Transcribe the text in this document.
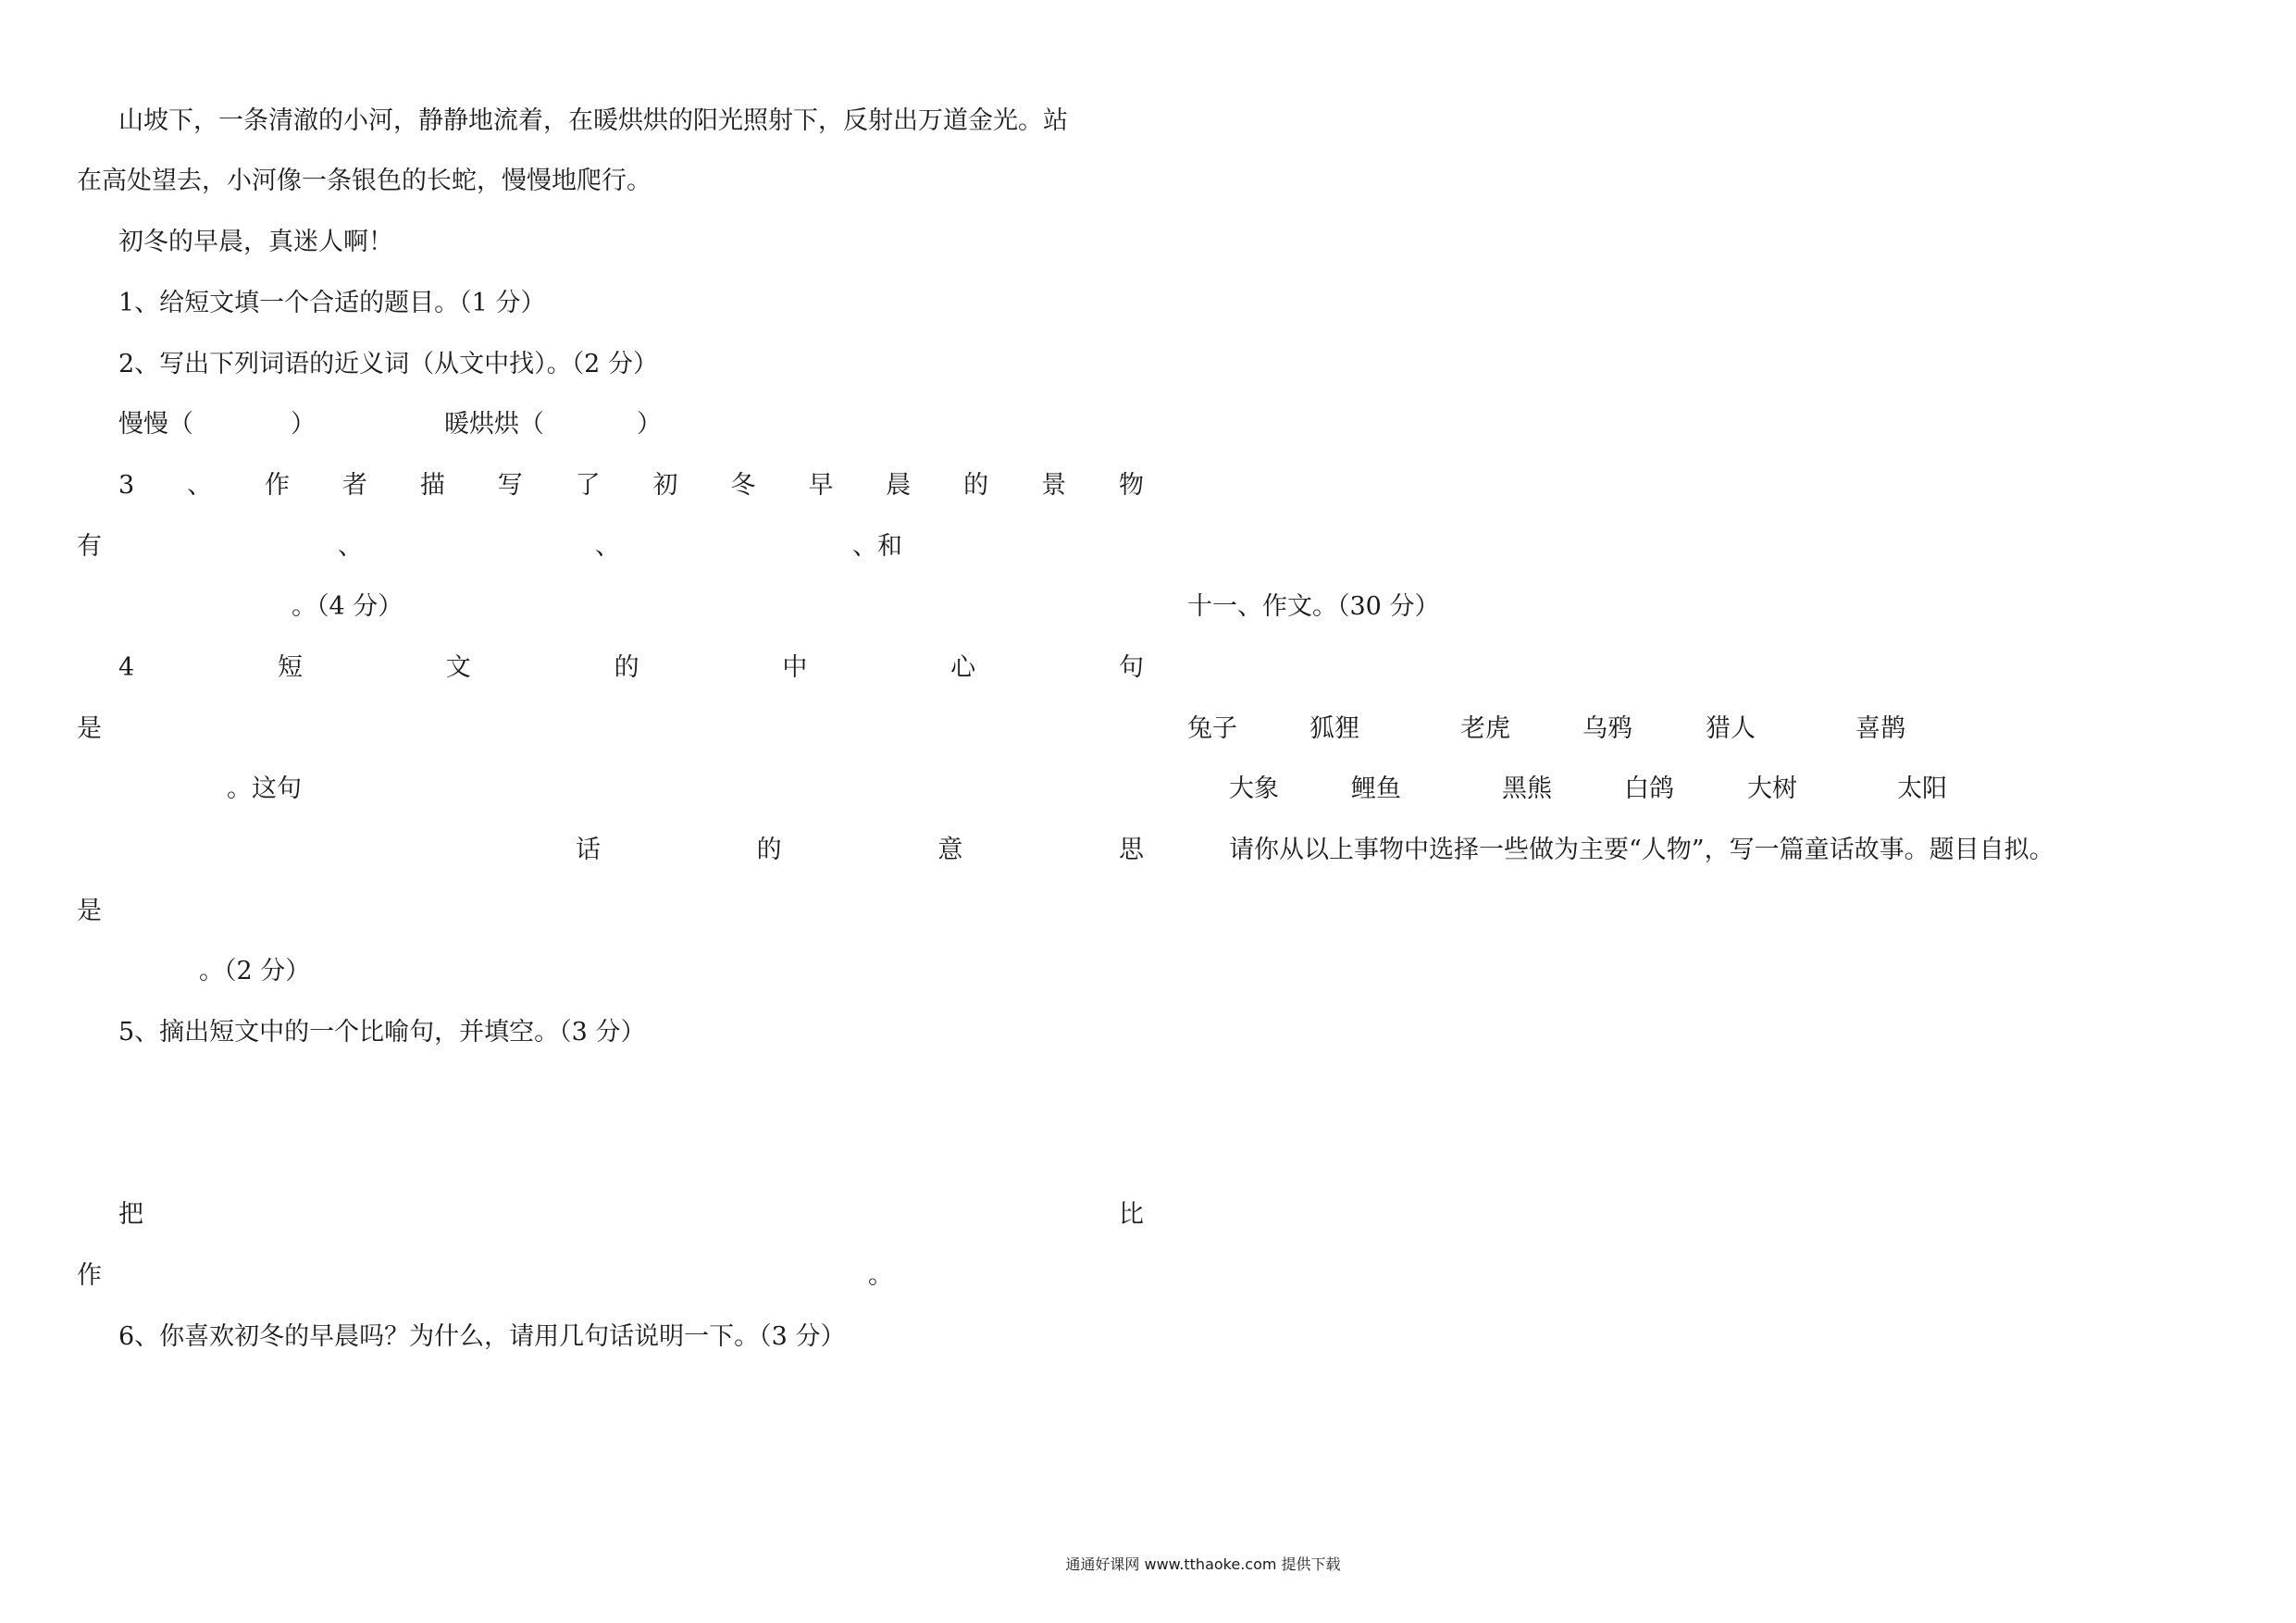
山坡下，一条清澈的小河，静静地流着，在暖烘烘的阳光照射下，反射出万道金光。站
在高处望去，小河像一条银色的长蛇，慢慢地爬行。
初冬的早晨，真迷人啊！
1、给短文填一个合适的题目。（1 分）
2、写出下列词语的近义词（从文中找）。（2 分）
慢慢（	）	暖烘烘（	）
3 、 作 者 描 写 了 初 冬 早 晨 的 景 物
有	、	、	、和
。（4 分）
4	短	文	的	中	心	句
是
。这句
话	的	意	思
是
。（2 分）
5、摘出短文中的一个比喻句，并填空。（3 分）
把	比
作	。
6、你喜欢初冬的早晨吗？为什么，请用几句话说明一下。（3 分）
十一、作文。（30 分）
兔子	狐狸	老虎	乌鸦	猎人	喜鹊
大象	鲤鱼	黑熊	白鸽	大树	太阳
请你从以上事物中选择一些做为主要“人物”，写一篇童话故事。题目自拟。
通通好课网 www.tthaoke.com 提供下载
